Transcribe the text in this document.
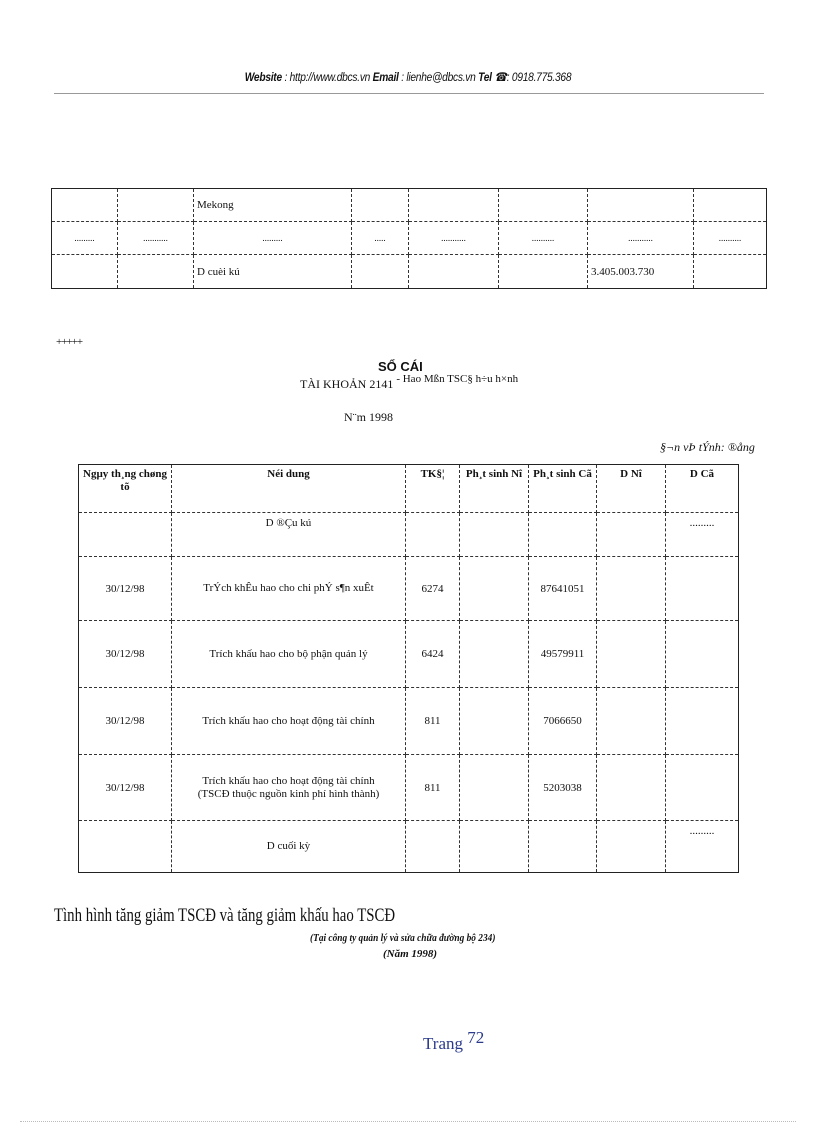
Website : http://www.dbcs.vn Email : lienhe@dbcs.vn Tel ☎: 0918.775.368
		Mekong					
.........	...........	.........	.....	...........	..........	...........	..........
		D cuèi kú				3.405.003.730	
+++++
SỔ CÁI
TÀI KHOẢN 2141 - Hao Mßn TSC§ h÷u h×nh
N¨m 1998
§¬n vÞ tÝnh: ®ång
Ngµy th¸ng chøng tõ	Néi dung	TK§¦	Ph¸t sinh Nî	Ph¸t sinh Cã	D Nî	D Cã
	D ®Çu kú					.........
30/12/98	TrÝch khÊu hao cho chi phÝ s¶n xuÊt	6274		87641051		
30/12/98	Trích khấu hao cho bộ phận quản lý	6424		49579911		
30/12/98	Trích khấu hao cho hoạt động tài chính	811		7066650		
30/12/98	Trích khấu hao cho hoạt động tài chính
(TSCĐ thuộc nguồn kinh phí hình thành)	811		5203038		
	D cuối kỳ					.........
Tình hình tăng giảm TSCĐ và tăng giảm khấu hao TSCĐ
(Tại công ty quản lý và sửa chữa đường bộ 234)
(Năm 1998)
Trang 72
